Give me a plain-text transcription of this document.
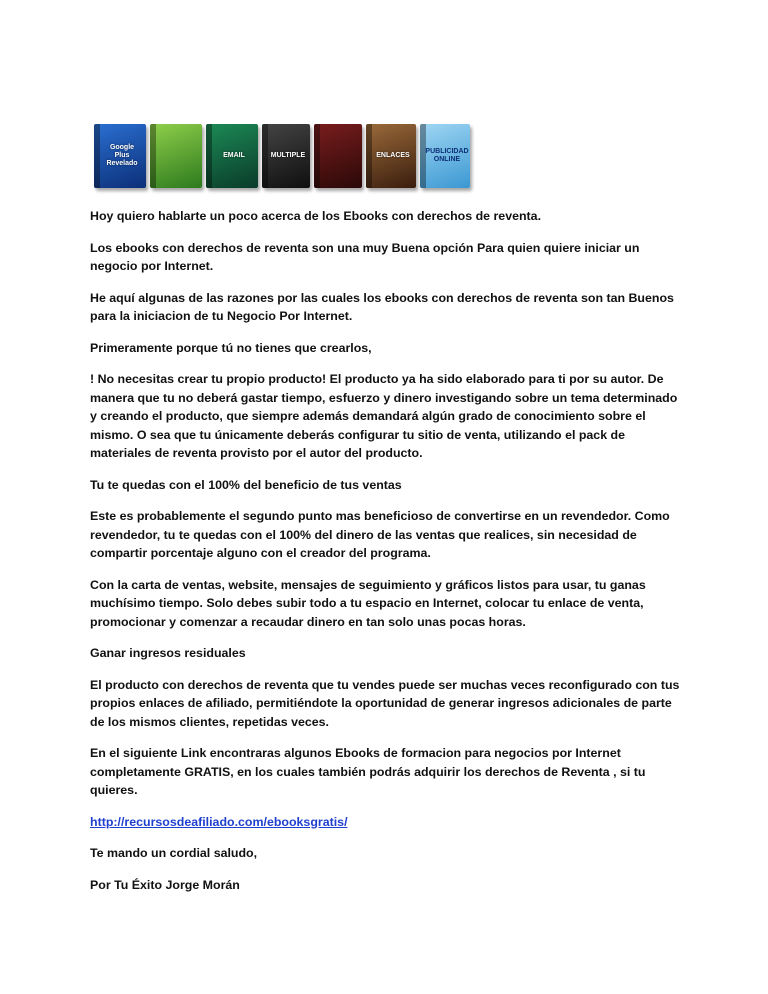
Google Plus Revelado
EMAIL	MULTIPLE	ENLACES
PUBLICIDAD ONLINE

Hoy quiero hablarte un poco acerca de los Ebooks con derechos de reventa.

Los ebooks con derechos de reventa son una muy Buena opción Para quien quiere iniciar un negocio por Internet.

He aquí algunas de las razones por las cuales los ebooks con derechos de reventa son tan Buenos para la iniciacion de tu Negocio Por Internet.

Primeramente porque tú no tienes que crearlos,

! No necesitas crear tu propio producto! El producto ya ha sido elaborado para ti por su autor. De manera que tu no deberá gastar tiempo, esfuerzo y dinero investigando sobre un tema determinado y creando el producto, que siempre además demandará algún grado de conocimiento sobre el mismo. O sea que tu únicamente deberás configurar tu sitio de venta, utilizando el pack de materiales de reventa provisto por el autor del producto.

Tu te quedas con el 100% del beneficio de tus ventas

Este es probablemente el segundo punto mas beneficioso de convertirse en un revendedor. Como revendedor, tu te quedas con el 100% del dinero de las ventas que realices, sin necesidad de compartir porcentaje alguno con el creador del programa.

Con la carta de ventas, website, mensajes de seguimiento y gráficos listos para usar, tu ganas muchísimo tiempo. Solo debes subir todo a tu espacio en Internet, colocar tu enlace de venta, promocionar y comenzar a recaudar dinero en tan solo unas pocas horas.

Ganar ingresos residuales

El producto con derechos de reventa que tu vendes puede ser muchas veces reconfigurado con tus propios enlaces de afiliado, permitiéndote la oportunidad de generar ingresos adicionales de parte de los mismos clientes, repetidas veces.

En el siguiente Link encontraras algunos Ebooks de formacion para negocios por Internet completamente GRATIS, en los cuales también podrás adquirir los derechos de Reventa , si tu quieres.

http://recursosdeafiliado.com/ebooksgratis/

Te mando un cordial saludo,

Por Tu Éxito Jorge Morán
